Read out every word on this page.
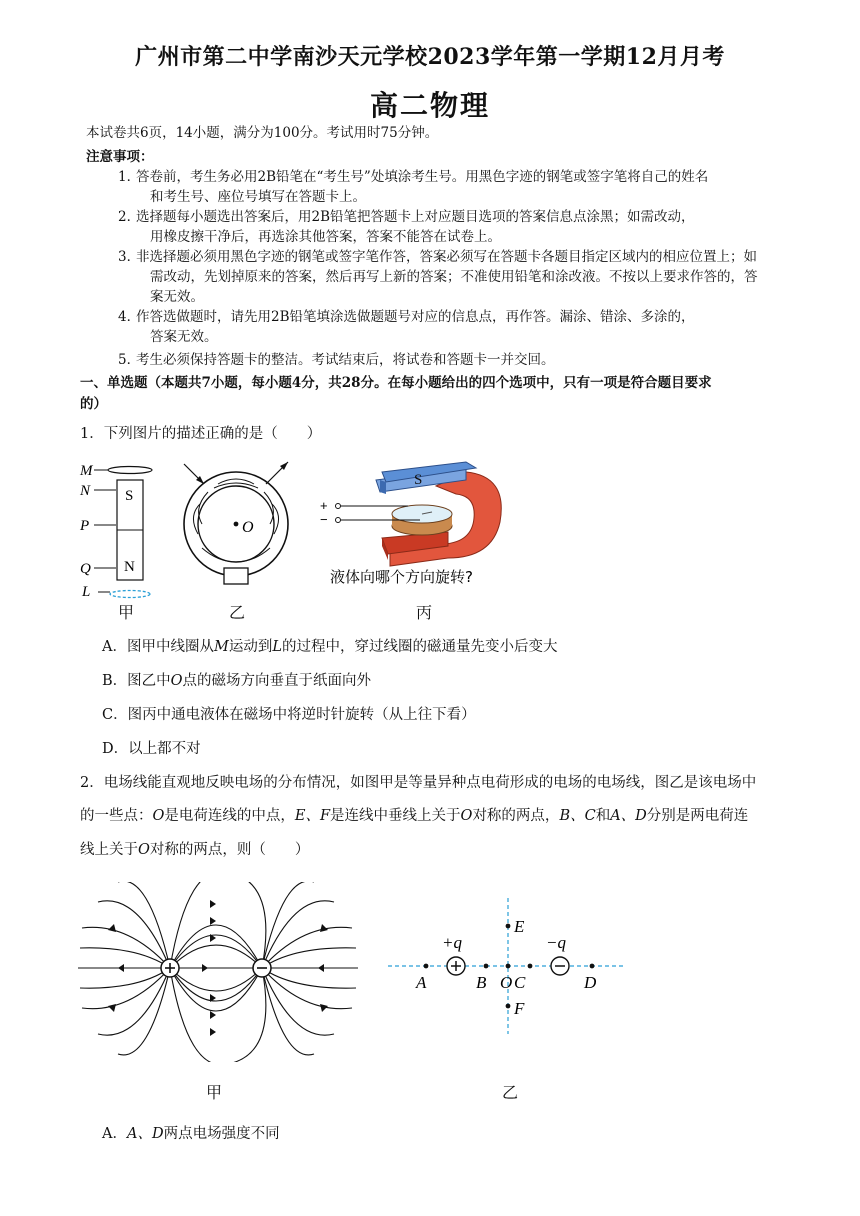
广州市第二中学南沙天元学校2023学年第一学期12月月考
高二物理
本试卷共6页，14小题，满分为100分。考试用时75分钟。
注意事项：
1．
答卷前，考生务必用2B铅笔在“考生号”处填涂考生号。用黑色字迹的钢笔或签字笔将自己的姓名
和考生号、座位号填写在答题卡上。
2．
选择题每小题选出答案后，用2B铅笔把答题卡上对应题目选项的答案信息点涂黑；如需改动，
用橡皮擦干净后，再选涂其他答案，答案不能答在试卷上。
3．
非选择题必须用黑色字迹的钢笔或签字笔作答，答案必须写在答题卡各题目指定区域内的相应位置上；如
需改动，先划掉原来的答案，然后再写上新的答案；不准使用铅笔和涂改液。不按以上要求作答的，答
案无效。
4．
作答选做题时，请先用2B铅笔填涂选做题题号对应的信息点，再作答。漏涂、错涂、多涂的，
答案无效。
5．
考生必须保持答题卡的整洁。考试结束后，将试卷和答题卡一并交回。
一、单选题（本题共7小题，每小题4分，共28分。在每小题给出的四个选项中，只有一项是符合题目要求
的）
1．下列图片的描述正确的是（　　）
M
N
P
Q
L
S
N
甲
O
乙
S
+
−
液体向哪个方向旋转?
丙
A．图甲中线圈从M运动到L的过程中，穿过线圈的磁通量先变小后变大
B．图乙中O点的磁场方向垂直于纸面向外
C．图丙中通电液体在磁场中将逆时针旋转（从上往下看）
D．以上都不对
2．电场线能直观地反映电场的分布情况，如图甲是等量异种点电荷形成的电场的电场线，图乙是该电场中
的一些点：O是电荷连线的中点，E、F是连线中垂线上关于O对称的两点，B、C和A、D分别是两电荷连
线上关于O对称的两点，则（　　）
甲
+q	−q
A	B O C	D
E
F
乙
A．A、D两点电场强度不同
